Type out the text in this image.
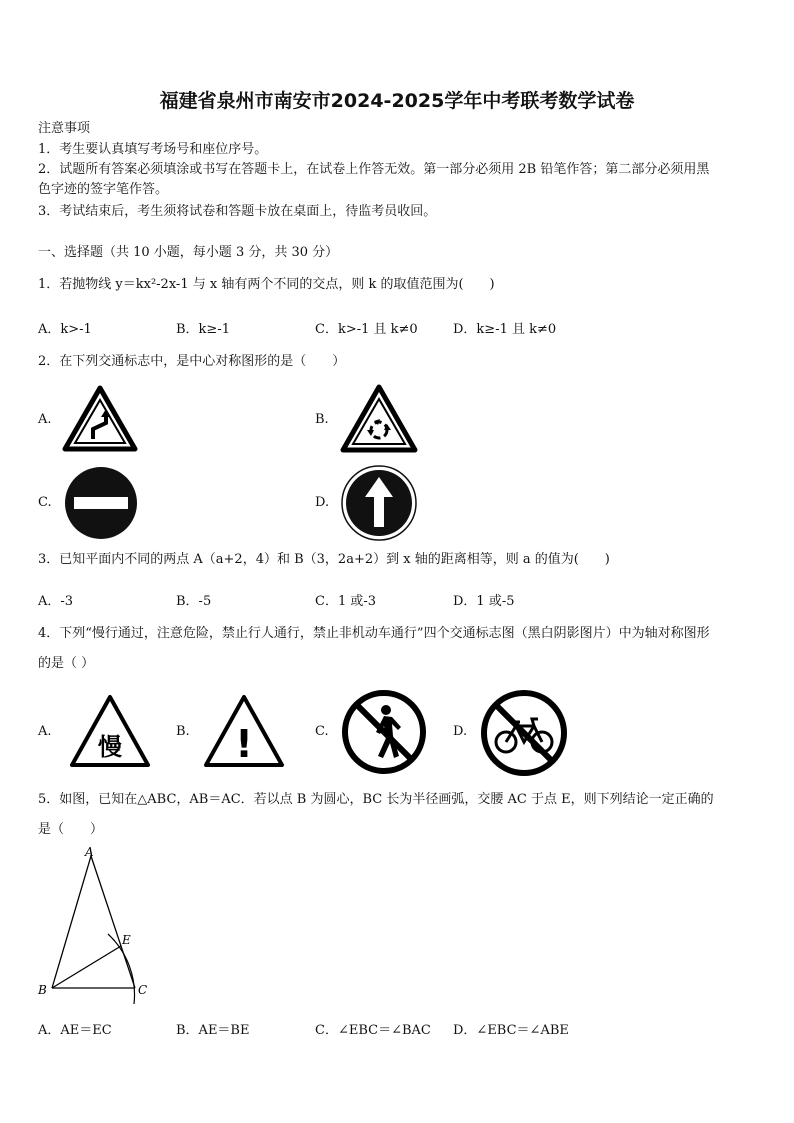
福建省泉州市南安市2024-2025学年中考联考数学试卷
注意事项
1．考生要认真填写考场号和座位序号。
2．试题所有答案必须填涂或书写在答题卡上，在试卷上作答无效。第一部分必须用 2B 铅笔作答；第二部分必须用黑
色字迹的签字笔作答。
3．考试结束后，考生须将试卷和答题卡放在桌面上，待监考员收回。
一、选择题（共 10 小题，每小题 3 分，共 30 分）
1．若抛物线 y＝kx²-2x-1 与 x 轴有两个不同的交点，则 k 的取值范围为(　　)
A．k>-1	B．k≥-1	C．k>-1 且 k≠0	D．k≥-1 且 k≠0
2．在下列交通标志中，是中心对称图形的是（　　）
A.	B.
C.	D.
3．已知平面内不同的两点 A（a+2，4）和 B（3，2a+2）到 x 轴的距离相等，则 a 的值为(　　)
A．-3	B．-5	C．1 或-3	D．1 或-5
4．下列“慢行通过，注意危险，禁止行人通行，禁止非机动车通行”四个交通标志图（黑白阴影图片）中为轴对称图形
的是（ ）
A.	B.	C.	D.
慢	!
5．如图，已知在△ABC，AB＝AC．若以点 B 为圆心，BC 长为半径画弧，交腰 AC 于点 E，则下列结论一定正确的
是（　　）
A
B	C
E
A．AE＝EC	B．AE＝BE	C．∠EBC＝∠BAC D．∠EBC＝∠ABE
